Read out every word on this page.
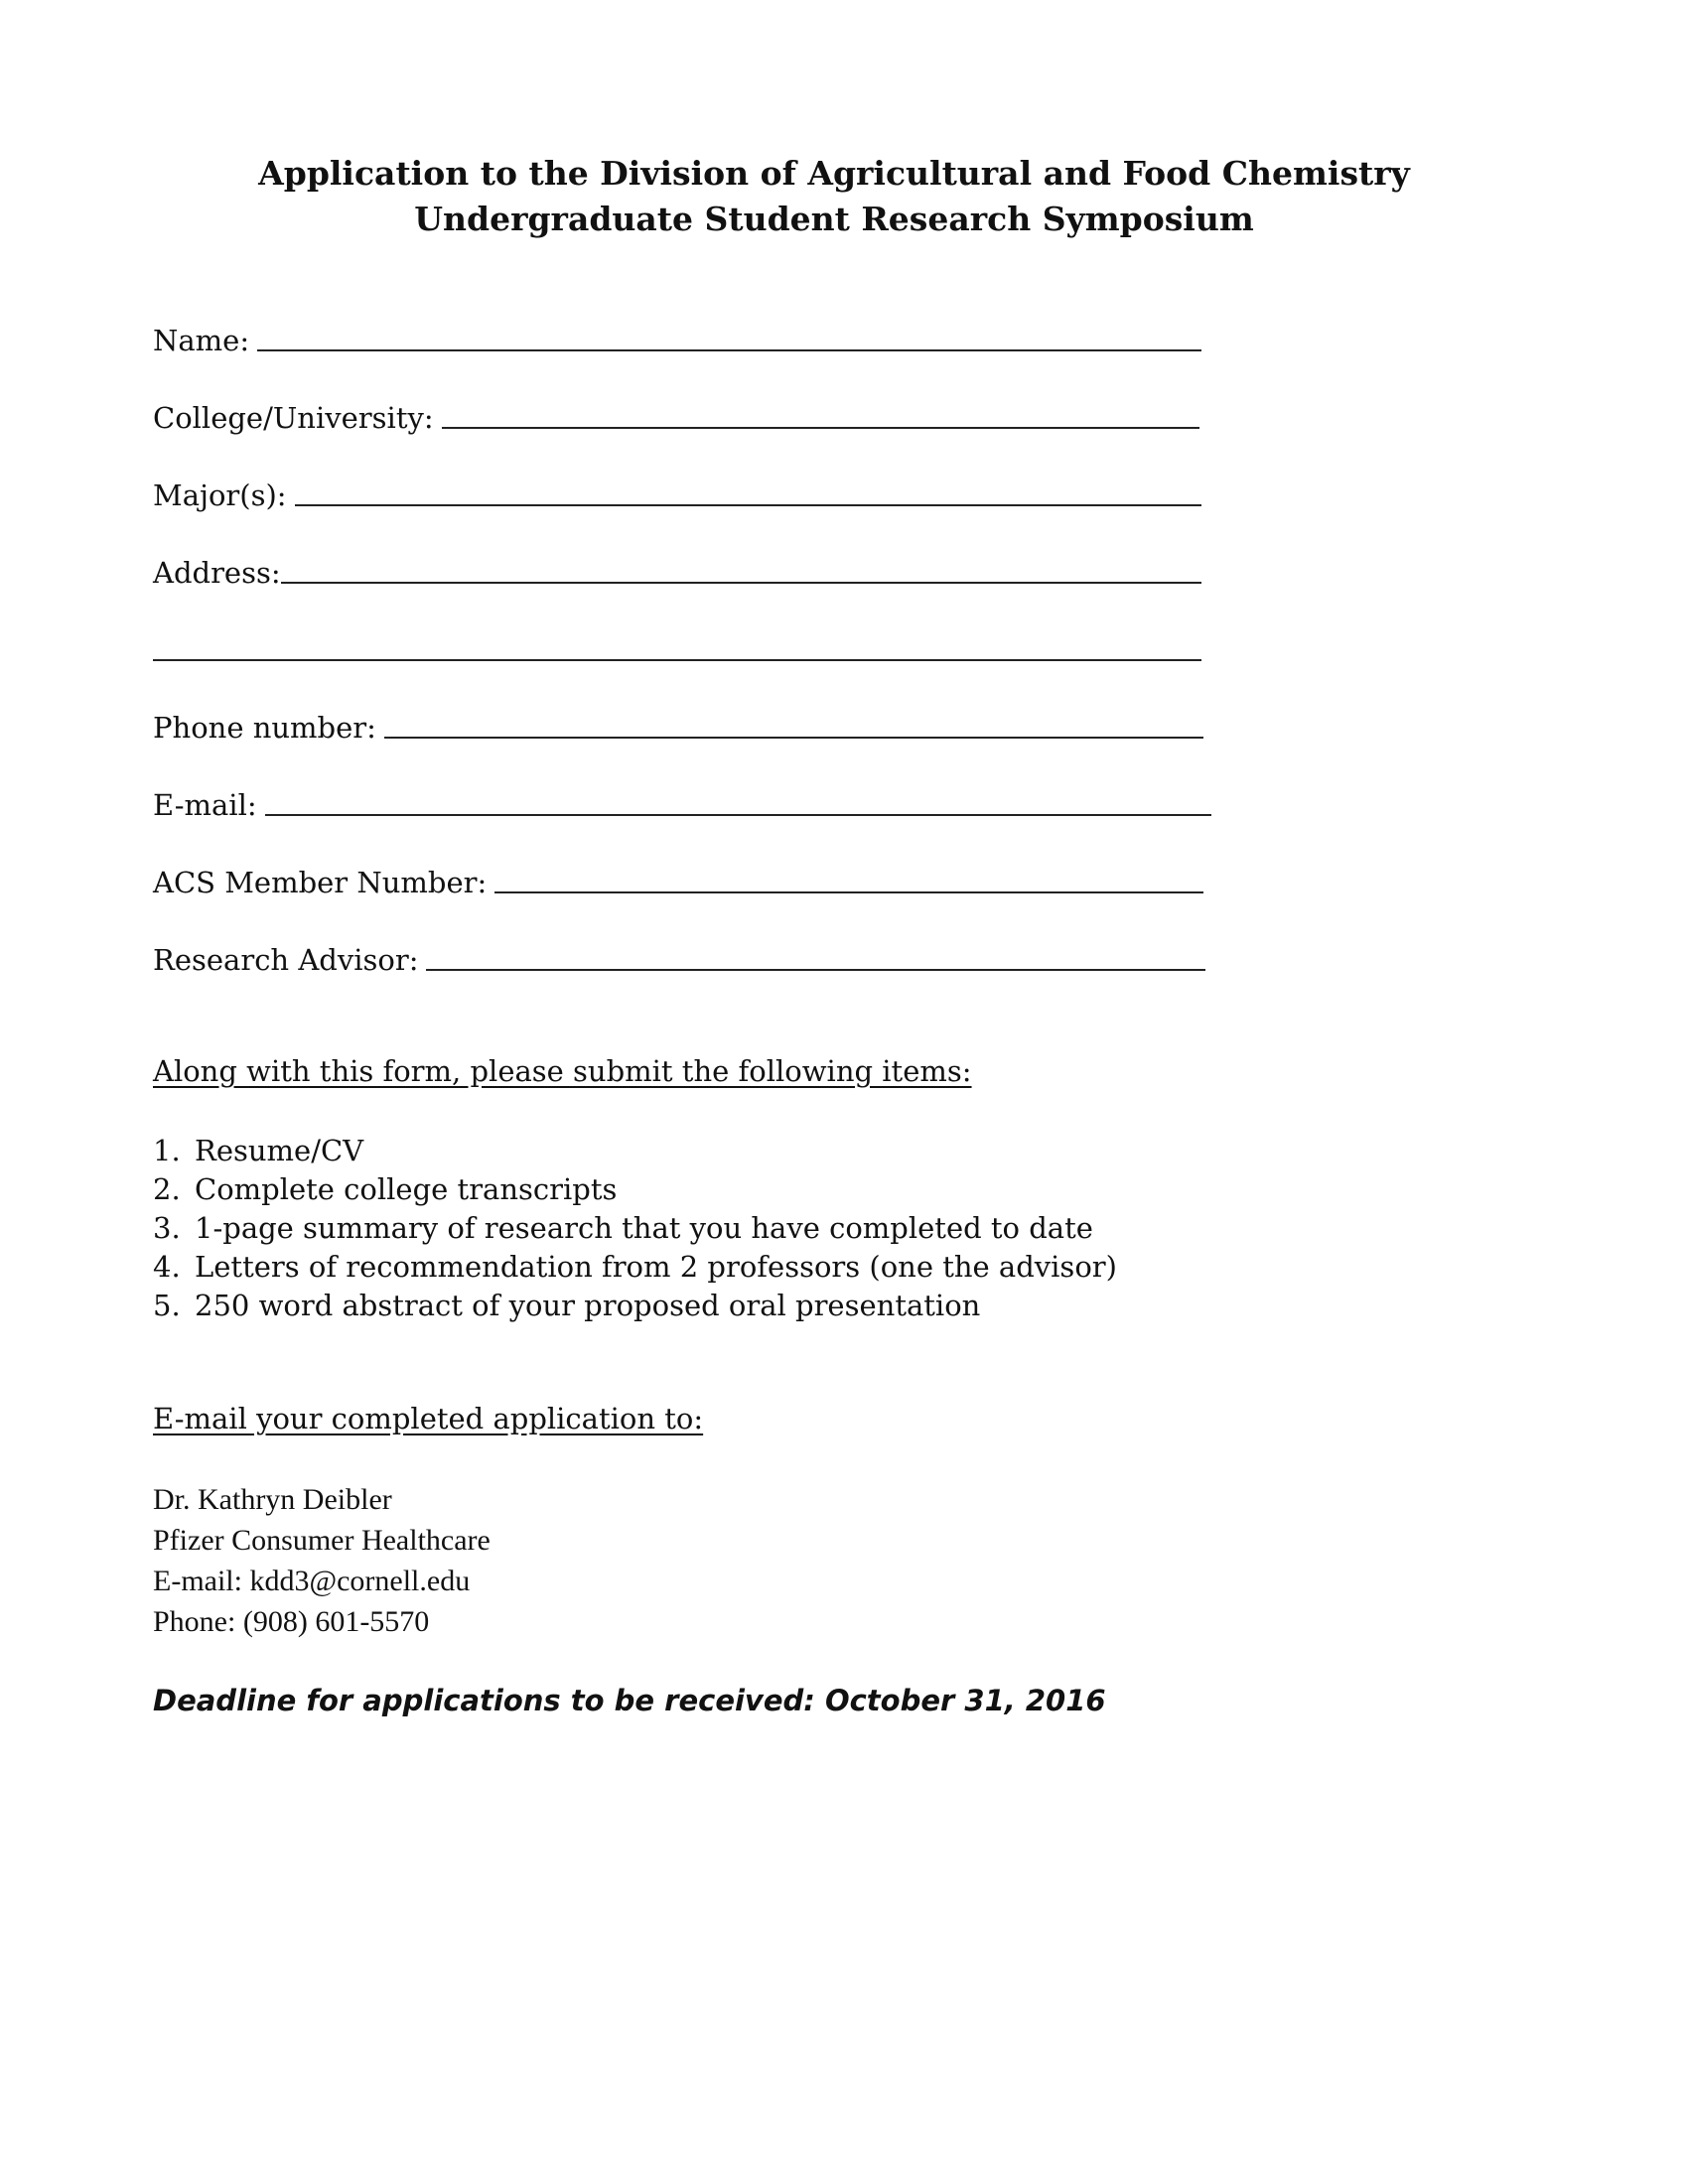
Application to the Division of Agricultural and Food Chemistry
Undergraduate Student Research Symposium
Name:
College/University:
Major(s):
Address:
Phone number:
E-mail:
ACS Member Number:
Research Advisor:
Along with this form, please submit the following items:
1. Resume/CV
2. Complete college transcripts
3. 1-page summary of research that you have completed to date
4. Letters of recommendation from 2 professors (one the advisor)
5. 250 word abstract of your proposed oral presentation
E-mail your completed application to:
Dr. Kathryn Deibler
Pfizer Consumer Healthcare
E-mail: kdd3@cornell.edu
Phone: (908) 601-5570
Deadline for applications to be received: October 31, 2016
